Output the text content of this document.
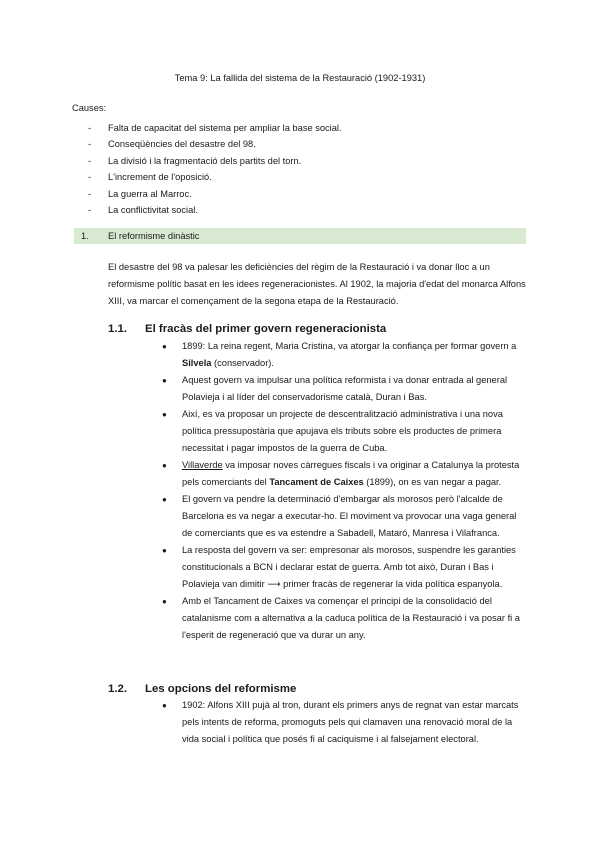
Tema 9: La fallida del sistema de la Restauració (1902-1931)
Causes:
- Falta de capacitat del sistema per ampliar la base social.
- Conseqüències del desastre del 98.
- La divisió i la fragmentació dels partits del torn.
- L'increment de l'oposició.
- La guerra al Marroc.
- La conflictivitat social.
1. El reformisme dinàstic

El desastre del 98 va palesar les deficiències del règim de la Restauració i va donar lloc a un reformisme polític basat en les idees regeneracionistes. Al 1902, la majoria d'edat del monarca Alfons XIII, va marcar el començament de la segona etapa de la Restauració.

1.1. El fracàs del primer govern regeneracionista
● 1899: La reina regent, Maria Cristina, va atorgar la confiança per formar govern a Silvela (conservador).
● Aquest govern va impulsar una política reformista i va donar entrada al general Polavieja i al líder del conservadorisme català, Duran i Bas.
● Així, es va proposar un projecte de descentralització administrativa i una nova política pressupostària que apujava els tributs sobre els productes de primera necessitat i pagar impostos de la guerra de Cuba.
● Villaverde va imposar noves càrregues fiscals i va originar a Catalunya la protesta pels comerciants del Tancament de Caixes (1899), on es van negar a pagar.
● El govern va pendre la determinació d'embargar als morosos però l'alcalde de Barcelona es va negar a executar-ho. El moviment va provocar una vaga general de comerciants que es va estendre a Sabadell, Mataró, Manresa i Vilafranca.
● La resposta del govern va ser: empresonar als morosos, suspendre les garanties constitucionals a BCN i declarar estat de guerra. Amb tot això, Duran i Bas i Polavieja van dimitir ⟶ primer fracàs de regenerar la vida política espanyola.
● Amb el Tancament de Caixes va començar el principi de la consolidació del catalanisme com a alternativa a la caduca política de la Restauració i va posar fi a l'esperit de regeneració que va durar un any.
1.2. Les opcions del reformisme
● 1902: Alfons XIII pujà al tron, durant els primers anys de regnat van estar marcats pels intents de reforma, promoguts pels qui clamaven una renovació moral de la vida social i política que posés fi al caciquisme i al falsejament electoral.
